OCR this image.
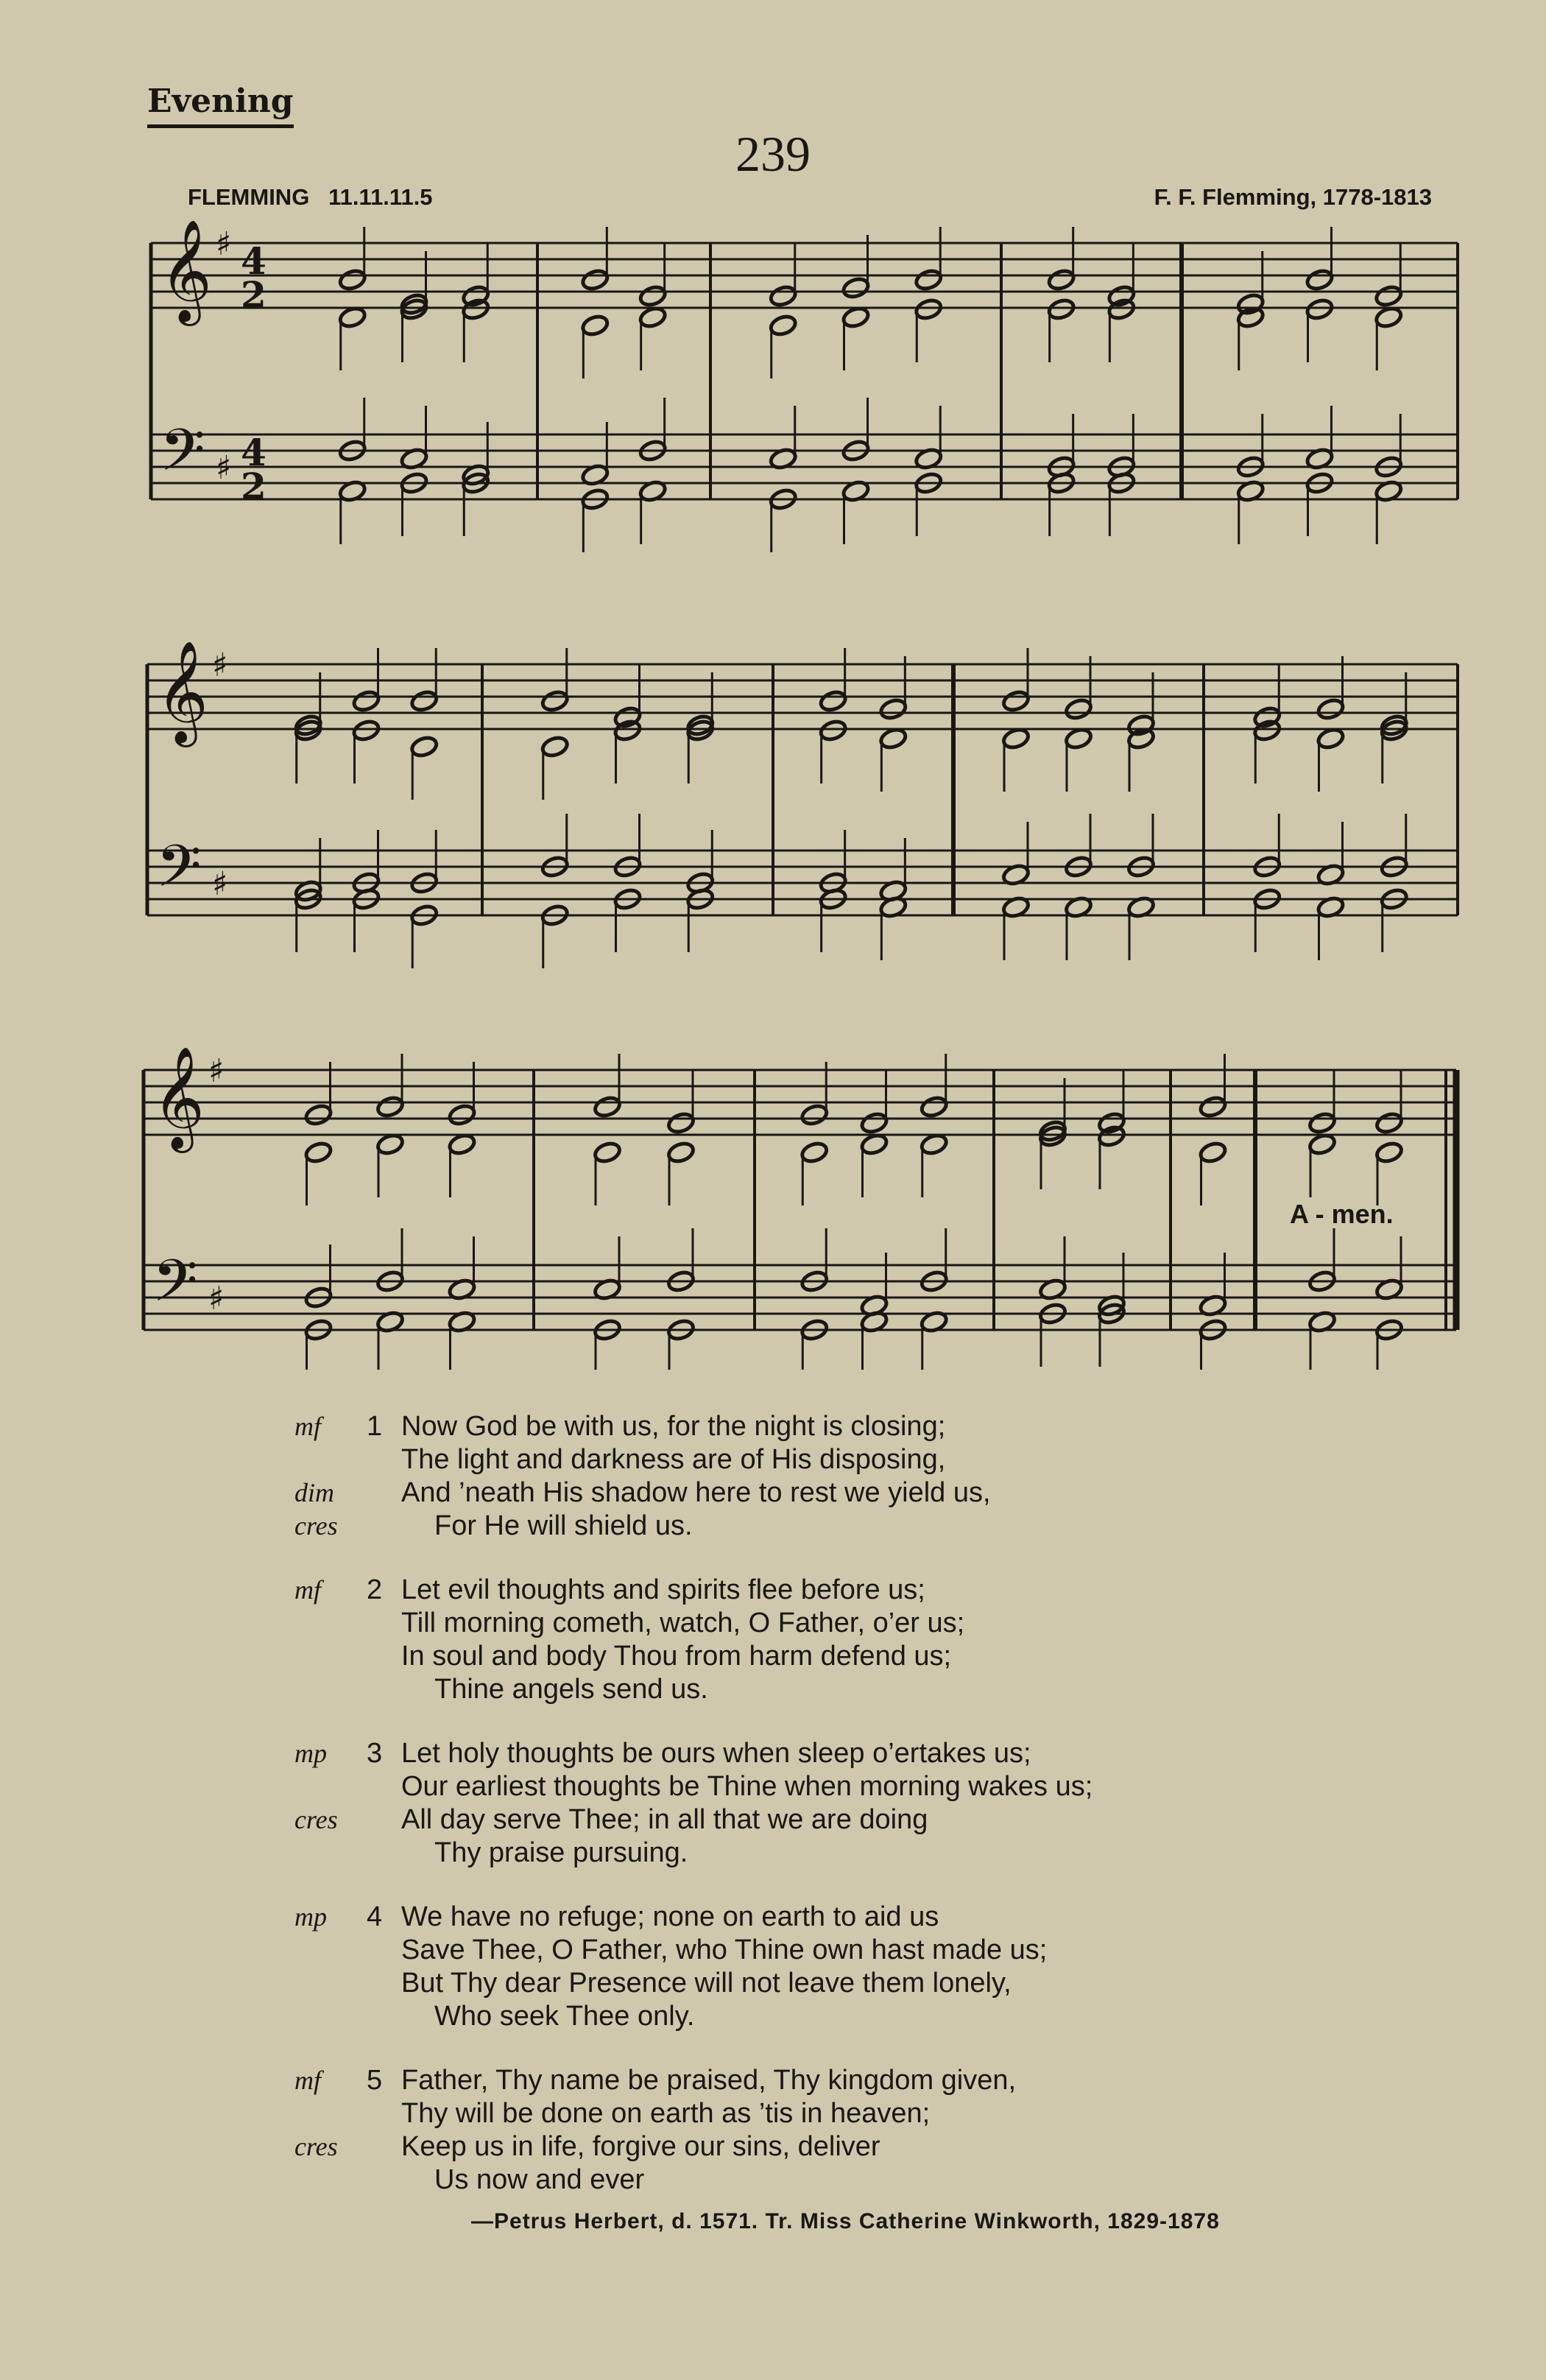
Evening
239
FLEMMING 11.11.11.5	F. F. Flemming, 1778-1813
𝄞
𝄢
♯
♯
4
2
4
2
𝄞
𝄢
♯
♯
𝄞
𝄢
♯
♯
A - men.
mf	1 Now God be with us, for the night is closing;
The light and darkness are of His disposing,
dim	And ’neath His shadow here to rest we yield us,
cres	For He will shield us.
mf	2 Let evil thoughts and spirits flee before us;
Till morning cometh, watch, O Father, o’er us;
In soul and body Thou from harm defend us;
Thine angels send us.
mp	3 Let holy thoughts be ours when sleep o’ertakes us;
Our earliest thoughts be Thine when morning wakes us;
cres	All day serve Thee; in all that we are doing
Thy praise pursuing.
mp	4 We have no refuge; none on earth to aid us
Save Thee, O Father, who Thine own hast made us;
But Thy dear Presence will not leave them lonely,
Who seek Thee only.
mf	5 Father, Thy name be praised, Thy kingdom given,
Thy will be done on earth as ’tis in heaven;
cres	Keep us in life, forgive our sins, deliver
Us now and ever
—Petrus Herbert, d. 1571. Tr. Miss Catherine Winkworth, 1829-1878
